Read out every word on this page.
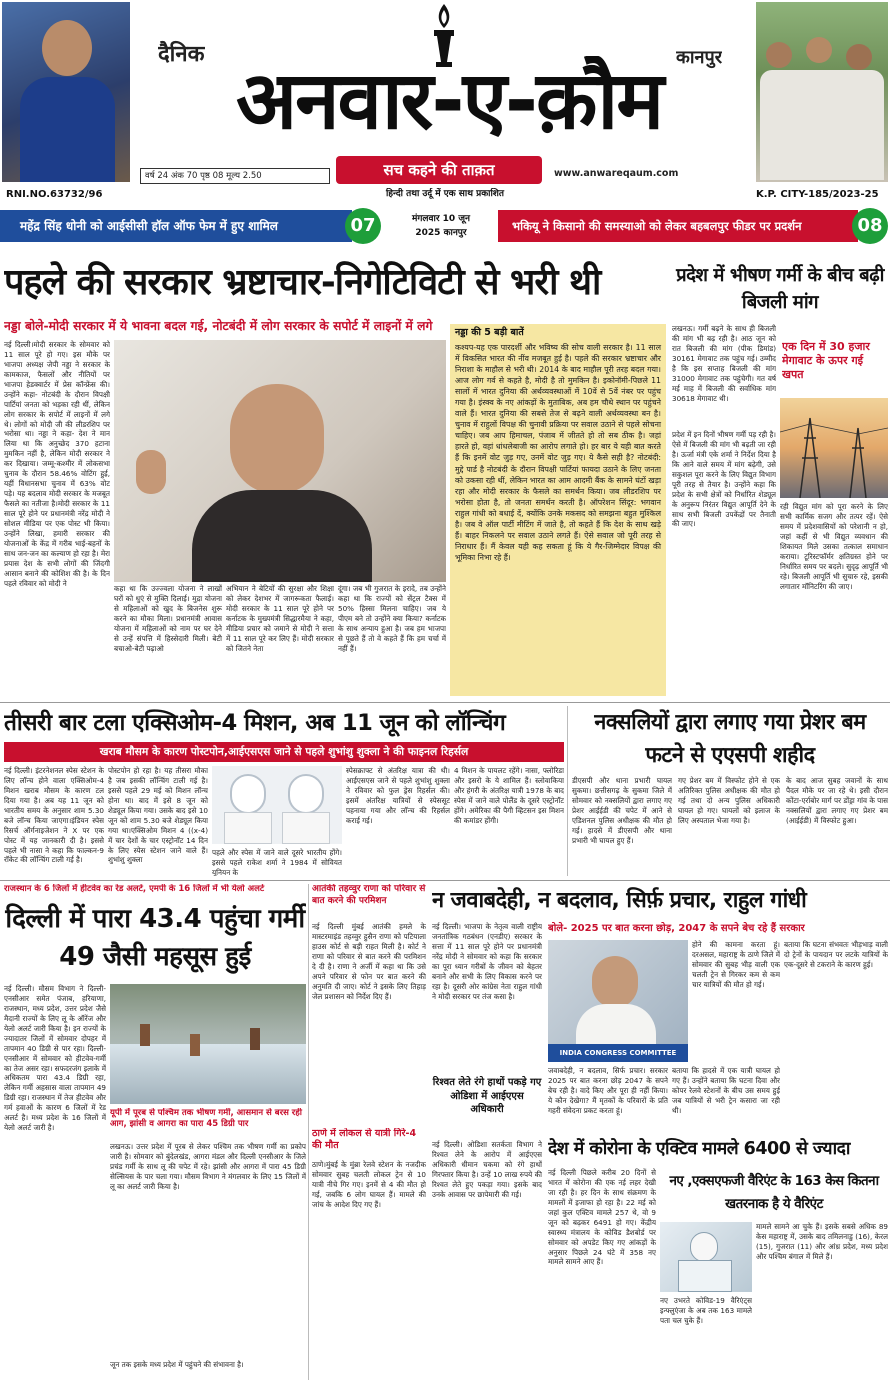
दैनिक	कानपुर
अनवार-ए-क़ौम
वर्ष 24 अंक 70 पृष्ठ 08 मूल्य 2.50	सच कहने की ताक़त	www.anwareqaum.com
RNI.NO.63732/96	हिन्दी तथा उर्दू में एक साथ प्रकाशित	K.P. CITY-185/2023-25
महेंद्र सिंह धोनी को आईसीसी हॉल ऑफ फेम में हुए शामिल	07	मंगलवार 10 जून
2025 कानपुर	भकियू ने किसानो की समस्याओ को लेकर बहबलपुर फीडर पर प्रदर्शन	08
पहले की सरकार भ्रष्टाचार-निगेटिविटी से भरी थी
नड्डा बोले-मोदी सरकार में ये भावना बदल गई, नोटबंदी में लोग सरकार के सपोर्ट में लाइनों में लगे
नई दिल्ली।मोदी सरकार के सोमवार को 11 साल पूरे हो गए। इस मौके पर भाजपा अध्यक्ष जेपी नड्डा ने सरकार के कामकाज, फैसलों और नीतियों पर भाजपा हेडक्वार्टर में प्रेस कॉन्फ्रेंस की। उन्होंने कहा- नोटबंदी के दौरान विपक्षी पार्टियां जनता को भड़का रही थीं, लेकिन लोग सरकार के सपोर्ट में लाइनों में लगे थे। लोगों को मोदी जी की लीडरशिप पर भरोसा था। नड्डा ने कहा- देश ने मान लिया था कि अनुच्छेद 370 हटाना मुमकिन नहीं है, लेकिन मोदी सरकार ने कर दिखाया। जम्मू-कश्मीर में लोकसभा चुनाव के दौरान 58.46% वोटिंग हुई, यहीं विधानसभा चुनाव में 63% वोट पड़े। यह बदलाव मोदी सरकार के मजबूत फैसले का नतीजा है।मोदी सरकार के 11 साल पूरे होने पर प्रधानमंत्री नरेंद्र मोदी ने सोशल मीडिया पर एक पोस्ट भी किया। उन्होंने लिखा, हमारी सरकार की योजनाओं के केंद्र में गरीब भाई-बहनों के साथ जन-जन का कल्याण हो रहा है। मेरा प्रयास देश के सभी लोगों की जिंदगी आसान बनाने की कोशिश की है। के दिन पहले रविवार को मोदी ने
कहा था कि उज्ज्वला योजना ने लाखों घरों को धुएं से मुक्ति दिलाई। मुद्रा योजना से महिलाओं को खुद के बिजनेस शुरू करने का मौका मिला। प्रधानमंत्री आवास योजना में महिलाओं को नाम पर घर देने से उन्हें संपत्ति में हिस्सेदारी मिली। बेटी बचाओ-बेटी पढ़ाओ
अभियान ने बेटियों की सुरक्षा और शिक्षा को लेकर देशभर में जागरूकता फैलाई।मोदी सरकार के 11 साल पूरे होने पर कर्नाटक के मुख्यमंत्री सिद्धारमैया ने कहा, मीडिया प्रचार को जमाने से मोदी ने सत्ता में 11 साल पूरे कर लिए हैं। मोदी सरकार को जितने नेता
दूंगा। जब भी गुजरात के इरादे, तब उन्होंने कहा था कि राज्यों को सेंट्रल टैक्स में 50% हिस्सा मिलना चाहिए। जब ये पीएम बने तो उन्होंने क्या किया? कर्नाटक के साथ अन्याय हुआ है। जब हम भाजपा से पूछते हैं तो वे कहते हैं कि हम चर्चा में नहीं हैं।
नड्डा की 5 बड़ी बातें
कश्यप-यह एक पारदर्शी और भविष्य की सोच वाली सरकार है। 11 साल में विकसित भारत की नींव मजबूत हुई है। पहले की सरकार भ्रष्टाचार और निराशा के माहौल से भरी थी। 2014 के बाद माहौल पूरी तरह बदल गया। आज लोग गर्व से कहते है, मोदी है तो मुमकिन है। इकोनॉमी-पिछले 11 सालों में भारत दुनिया की अर्थव्यवस्थाओं में 10वें से 5वें नंबर पर पहुंच गया है। इंस्क्व के नए आंकड़ों के मुताबिक, अब हम चौथे स्थान पर पहुंचने वाले हैं। भारत दुनिया की सबसे तेज से बढ़ने वाली अर्थव्यवस्था बन है। चुनाव में राहुलों विपक्ष की चुनावी प्रक्रिया पर सवाल उठाने से पहले सोचना चाहिए। जब आप हिमाचल, पंजाब में जीतते हो तो सब ठीक है। जहां हारते हो, वहां धांधलेबाजी का आरोप लगाते हो। हर बार ये यही बात करते हैं कि इनमें वोट जुड़ गए, उनमें वोट जुड़ गए। ये कैसे सही है? नोटबंदी: मुद्दे पार्ड है नोटबंदी के दौरान विपक्षी पार्टियां फायदा उठाने के लिए जनता को उकसा रही थीं, लेकिन भारत का आम आदमी बैंक के सामने घंटों खड़ा रहा और मोदी सरकार के फैसले का समर्थन किया। जब लीडरशिप पर भरोसा होता है, तो जनता समर्थन करती है। ऑपरेशन सिंदूर: भगवान राहुल गांधी को बधाई दें, क्योंकि उनके मकसद को समझना बहुत मुश्किल है। जब वे ऑल पार्टी मीटिंग में जाते है, तो कहते हैं कि देश के साथ खड़े हैं। बाहर निकलने पर सवाल उठाने लगते हैं। ऐसे सवाल जो पूरी तरह से निराधार हैं। मैं केवल यही कह सकता हूं कि ये गैर-जिम्मेदार विपक्ष की भूमिका निभा रहे हैं।
प्रदेश में भीषण गर्मी के बीच बढ़ी बिजली मांग
लखनऊ। गर्मी बढ़ने के साथ ही बिजली की मांग भी बढ़ रही है। आठ जून को रात बिजली की मांग (पीक डिमांड) 30161 मेगावाट तक पहुंच गई। उम्मीद है कि इस सप्ताह बिजली की मांग 31000 मेगावाट तक पहुंचेगी। गत वर्ष मई माह में बिजली की सर्वाधिक मांग 30618 मेगावाट थी।
एक दिन में 30 हजार मेगावाट के ऊपर गई खपत
प्रदेश में इन दिनों भीषण गर्मी पड़ रही है। ऐसे में बिजली की मांग भी बढ़ती जा रही है। ऊर्जा मंत्री एके शर्मा ने निर्देश दिया है कि आने वाले समय में मांग बढ़ेगी, उसे सकुशल पूरा करने के लिए विद्युत विभाग पूरी तरह से तैयार है। उन्होंने कहा कि प्रदेश के सभी क्षेत्रों को निर्धारित शेड्यूल के अनुरूप निरंतर विद्युत आपूर्ति देने के साथ सभी बिजली उपकेंद्रों पर तैनाती की जाए।
रही विद्युत मांग को पूरा करने के लिए सभी कार्मिक सजग और तत्पर रहें। ऐसे समय में प्रदेशवासियों को परेशानी न हो, जहां कहीं से भी विद्युत व्यवधान की शिकायत मिले उसका तत्काल समाधान कराया। टूरिस्टफॉर्मर क्षतिग्रस्त होने पर निर्धारित समय पर बदले। सुदृढ़ आपूर्ति भी रहे। बिजली आपूर्ति भी सुचारु रहे, इसकी लगातार मॉनिटरिंग की जाए।
तीसरी बार टला एक्सिओम-4 मिशन, अब 11 जून को लॉन्चिंग
खराब मौसम के कारण पोस्टपोन,आईएसएस जाने से पहले शुभांशु शुक्ला ने की फाइनल रिहर्सल
नई दिल्ली। इंटरनेशनल स्पेस स्टेशन के लिए लॉन्च होने वाला एक्सिओम-4 मिशन खराब मौसम के कारण टल दिया गया है। अब यह 11 जून को भारतीय समय के अनुसार शाम 5.30 बजे लॉन्च किया जाएगा।इंडियन स्पेस रिसर्च ऑर्गनाइजेशन ने X पर एक पोस्ट में यह जानकारी दी है। इससे पहले भी नासा ने कहा कि फाल्कन-9 रॉकेट की लॉन्चिंग टाली गई है।
पोस्टपोन हो रहा है। यह तीसरा मौका है जब इसकी लॉन्चिंग टाली गई है। इससे पहले 29 मई को मिशन लॉन्च होना था। बाद में इसे 8 जून को शेड्यूल किया गया। उसके बाद इसे 10 जून को शाम 5.30 बजे शेड्यूल किया गया था।एक्सिओम मिशन 4 ((x-4) में चार देशों के चार एस्ट्रोनॉट 14 दिन के लिए स्पेस स्टेशन जाने वाले हैं। शुभांशु शुक्ला
पहले और स्पेस में जाने वाले दूसरे भारतीय होंगे। इससे पहले राकेश शर्मा ने 1984 में सोवियत यूनियन के
स्पेसक्राफ्ट से अंतरिक्ष यात्रा की थी। आईएसएस जाने से पहले शुभांशु शुक्ला ने रविवार को फुल ड्रेस रिहर्सल की। इसमें अंतरिक्ष यात्रियों से स्पेससूट पहनाया गया और लॉन्च की रिहर्सल कराई गई।
4 मिशन के पायलट रहेंगे। नासा, फ्लोरिडा और इसरो के ये शामिल हैं। स्लोवाकिया और हंगरी के अंतरिक्ष यात्री 1978 के बाद स्पेस में जाने वाले पोलैंड के दूसरे एस्ट्रोनॉट होंगे। अमेरिका की पैगी व्हिटसन इस मिशन की कमांडर होंगी।
नक्सलियों द्वारा लगाए गया प्रेशर बम फटने से एएसपी शहीद
डीएसपी और थाना प्रभारी घायल सुकमा। छत्तीसगढ़ के सुकमा जिले में सोमवार को नक्सलियों द्वारा लगाए गए प्रेशर आईईडी की चपेट में आने से एडिशनल पुलिस अधीक्षक की मौत हो गई। हादसे में डीएसपी और थाना प्रभारी भी घायल हुए हैं।
गए प्रेशर बम में विस्फोट होने से एक अतिरिक्त पुलिस अधीक्षक की मौत हो गई तथा दो अन्य पुलिस अधिकारी घायल हो गए। घायलों को इलाज के लिए अस्पताल भेजा गया है।
के बाद आज सुबह जवानों के साथ पैदल मौके पर जा रहे थे। इसी दौरान कोंटा-एर्राबोर मार्ग पर डोंड्रा गांव के पास नक्सलियों द्वारा लगाए गए प्रेशर बम (आईईडी) में विस्फोट हुआ।
राजस्थान के 6 जिलों में हीटवेव का रेड अलर्ट, एमपी के 16 जिलों में भी येलो अलर्ट
दिल्ली में पारा 43.4 पहुंचा गर्मी 49 जैसी महसूस हुई
नई दिल्ली। मौसम विभाग ने दिल्ली-एनसीआर समेत पंजाब, हरियाणा, राजस्थान, मध्य प्रदेश, उत्तर प्रदेश जैसे मैदानी राज्यों के लिए लू के ऑरेंज और येलो अलर्ट जारी किया है। इन राज्यों के ज्यादातर जिलों में सोमवार दोपहर में तापमान 40 डिग्री से पार रहा। दिल्ली-एनसीआर में सोमवार को हीटवेव-गर्मी का तेज असर रहा। सफदरजंग इलाके में अधिकतम पारा 43.4 डिग्री रहा, लेकिन गर्मी अहसास वाला तापमान 49 डिग्री रहा। राजस्थान में तेज हीटवेव और गर्म हवाओं के कारण 6 जिलों में रेड अलर्ट है। मध्य प्रदेश के 16 जिलों में येलो अलर्ट जारी है।
यूपी में पूरब से पश्चिम तक भीषण गर्मी, आसमान से बरस रही आग, झांसी व आगरा का पारा 45 डिग्री पार
लखनऊ। उत्तर प्रदेश में पूरब से लेकर पश्चिम तक भीषण गर्मी का प्रकोप जारी है। सोमवार को बुंदेलखंड, आगरा मंडल और दिल्ली एनसीआर के जिले प्रचंड गर्मी के साथ लू की चपेट में रहे। झांसी और आगरा में पारा 45 डिग्री सेल्सियस के पार चला गया। मौसम विभाग ने मंगलवार के लिए 15 जिलों में लू का अलर्ट जारी किया है।
जून तक इसके मध्य प्रदेश में पहुंचने की संभावना है।
आतंकी तहव्वुर राणा को परिवार से बात करने की परमिशन
नई दिल्ली मुंबई आतंकी हमले के मास्टरमाइंड तहव्वुर हुसैन राणा को पटियाला हाउस कोर्ट से बड़ी राहत मिली है। कोर्ट ने राणा को परिवार से बात करने की परमिशन दे दी है। राणा ने अर्जी में कहा था कि उसे अपने परिवार से फोन पर बात करने की अनुमति दी जाए। कोर्ट ने इसके लिए तिहाड़ जेल प्रशासन को निर्देश दिए हैं।
ठाणे में लोकल से यात्री गिरे-4 की मौत
ठाणे।मुंबई के मुंब्रा रेलवे स्टेशन के नजदीक सोमवार सुबह चलती लोकल ट्रेन से 10 यात्री नीचे गिर गए। इनमें से 4 की मौत हो गई, जबकि 6 लोग घायल हैं। मामले की जांच के आदेश दिए गए हैं।
न जवाबदेही, न बदलाव, सिर्फ़ प्रचार, राहुल गांधी
बोले- 2025 पर बात करना छोड़, 2047 के सपने बेच रहे हैं सरकार
नई दिल्ली। भाजपा के नेतृत्व वाली राष्ट्रीय जनतांत्रिक गठबंधन (एनडीए) सरकार के सत्ता में 11 साल पूरे होने पर प्रधानमंत्री नरेंद्र मोदी ने सोमवार को कहा कि सरकार का पूरा ध्यान गरीबों के जीवन को बेहतर बनाने और सभी के लिए विकास करने पर रहा है। दूसरी ओर कांग्रेस नेता राहुल गांधी ने मोदी सरकार पर तंज कसा है।
INDIA CONGRESS COMMITTEE
होने की कामना करता हूं। दरअसल, महाराष्ट्र के ठाणे जिले में सोमवार की सुबह भीड़ वाली एक चलती ट्रेन से गिरकर कम से कम चार यात्रियों की मौत हो गई।
बताया कि घटना संभवतः भीड़भाड़ वाली दो ट्रेनों के पायदान पर लटके यात्रियों के एक-दूसरे से टकराने के कारण हुई।
जवाबदेही, न बदलाव, सिर्फ प्रचार। सरकार 2025 पर बात करना छोड़ 2047 के सपने बेच रही है। वादे किए और पूरा ही नहीं किया। ये कौन देखेगा? मैं मृतकों के परिवारों के प्रति गहरी संवेदना प्रकट करता हूं।
बताया कि हादसे में एक यात्री घायल हो गए हैं। उन्होंने बताया कि घटना दिवा और कोपर रेलवे स्टेशनों के बीच उस समय हुई जब यात्रियों से भरी ट्रेन कसारा जा रही थी।
रिश्वत लेते रंगे हाथों पकड़े गए ओडिशा में आईएएस अधिकारी
नई दिल्ली। ओडिशा सतर्कता विभाग ने रिश्वत लेने के आरोप में आईएएस अधिकारी धीमान चकमा को रंगे हाथों गिरफ्तार किया है। उन्हें 10 लाख रुपये की रिश्वत लेते हुए पकड़ा गया। इसके बाद उनके आवास पर छापेमारी की गई।
देश में कोरोना के एक्टिव मामले 6400 से ज्यादा
नई दिल्ली पिछले करीब 20 दिनों से भारत में कोरोना की एक नई लहर देखी जा रही है। हर दिन के साथ संक्रमण के मामलों में इजाफा हो रहा है। 22 मई को जहां कुल एक्टिव मामले 257 थे, वो 9 जून को बढ़कर 6491 हो गए। केंद्रीय स्वास्थ्य मंत्रालय के कोविड डैशबोर्ड पर सोमवार को अपडेट किए गए आंकड़ों के अनुसार पिछले 24 घंटे में 358 नए मामले सामने आए हैं।
नए ,एक्सएफजी वैरिएंट के 163 केस कितना खतरनाक है ये वैरिएंट
नए उभरते कोविड-19 वैरिएंट्स इन्फ्लुएंजा के अब तक 163 मामले पता चल चुके हैं।
मामले सामने आ चुके हैं। इसके सबसे अधिक 89 केस महाराष्ट्र में, उसके बाद तमिलनाडु (16), केरल (15), गुजरात (11) और आंध्र प्रदेश, मध्य प्रदेश और पश्चिम बंगाल में मिले हैं।
